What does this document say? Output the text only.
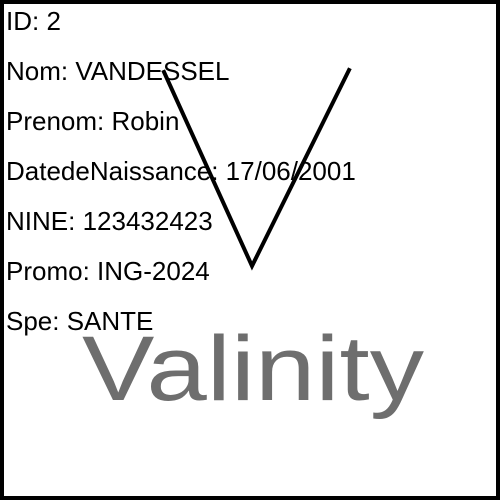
Valinity
ID: 2
Nom: VANDESSEL
Prenom: Robin
DatedeNaissance: 17/06/2001
NINE: 123432423
Promo: ING-2024
Spe: SANTE
